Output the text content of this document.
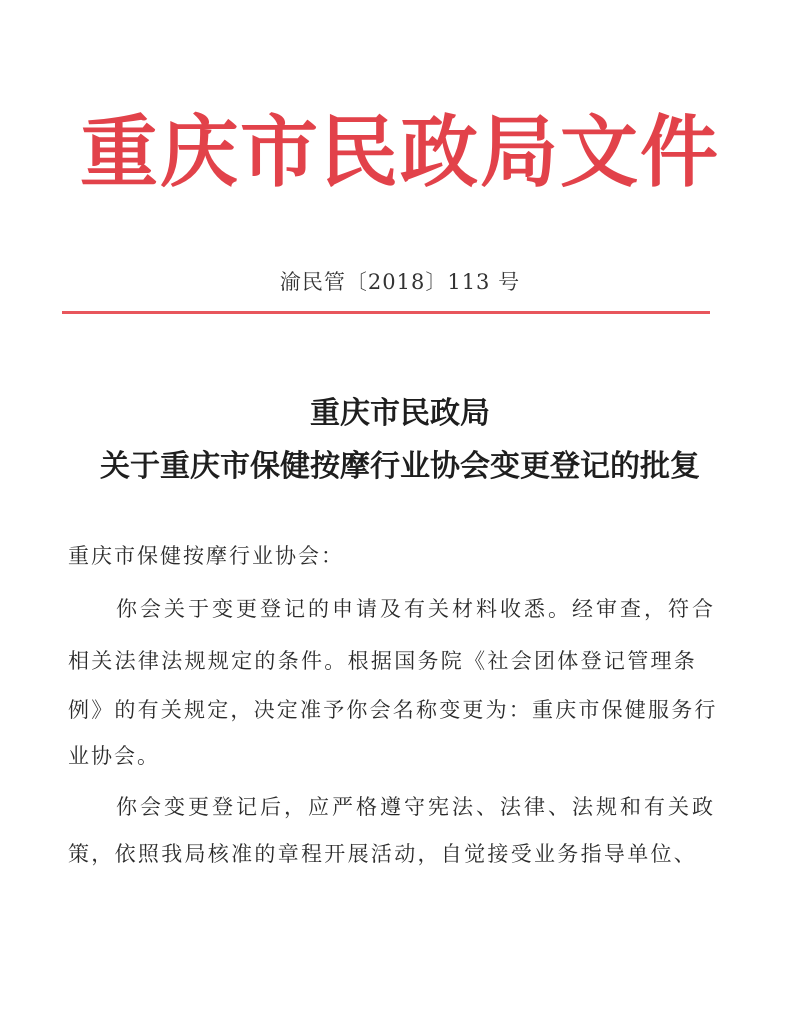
重庆市民政局文件
渝民管〔2018〕113 号
重庆市民政局
关于重庆市保健按摩行业协会变更登记的批复
重庆市保健按摩行业协会：
你会关于变更登记的申请及有关材料收悉。经审查，符合
相关法律法规规定的条件。根据国务院《社会团体登记管理条
例》的有关规定，决定准予你会名称变更为：重庆市保健服务行
业协会。
你会变更登记后，应严格遵守宪法、法律、法规和有关政
策，依照我局核准的章程开展活动，自觉接受业务指导单位、
